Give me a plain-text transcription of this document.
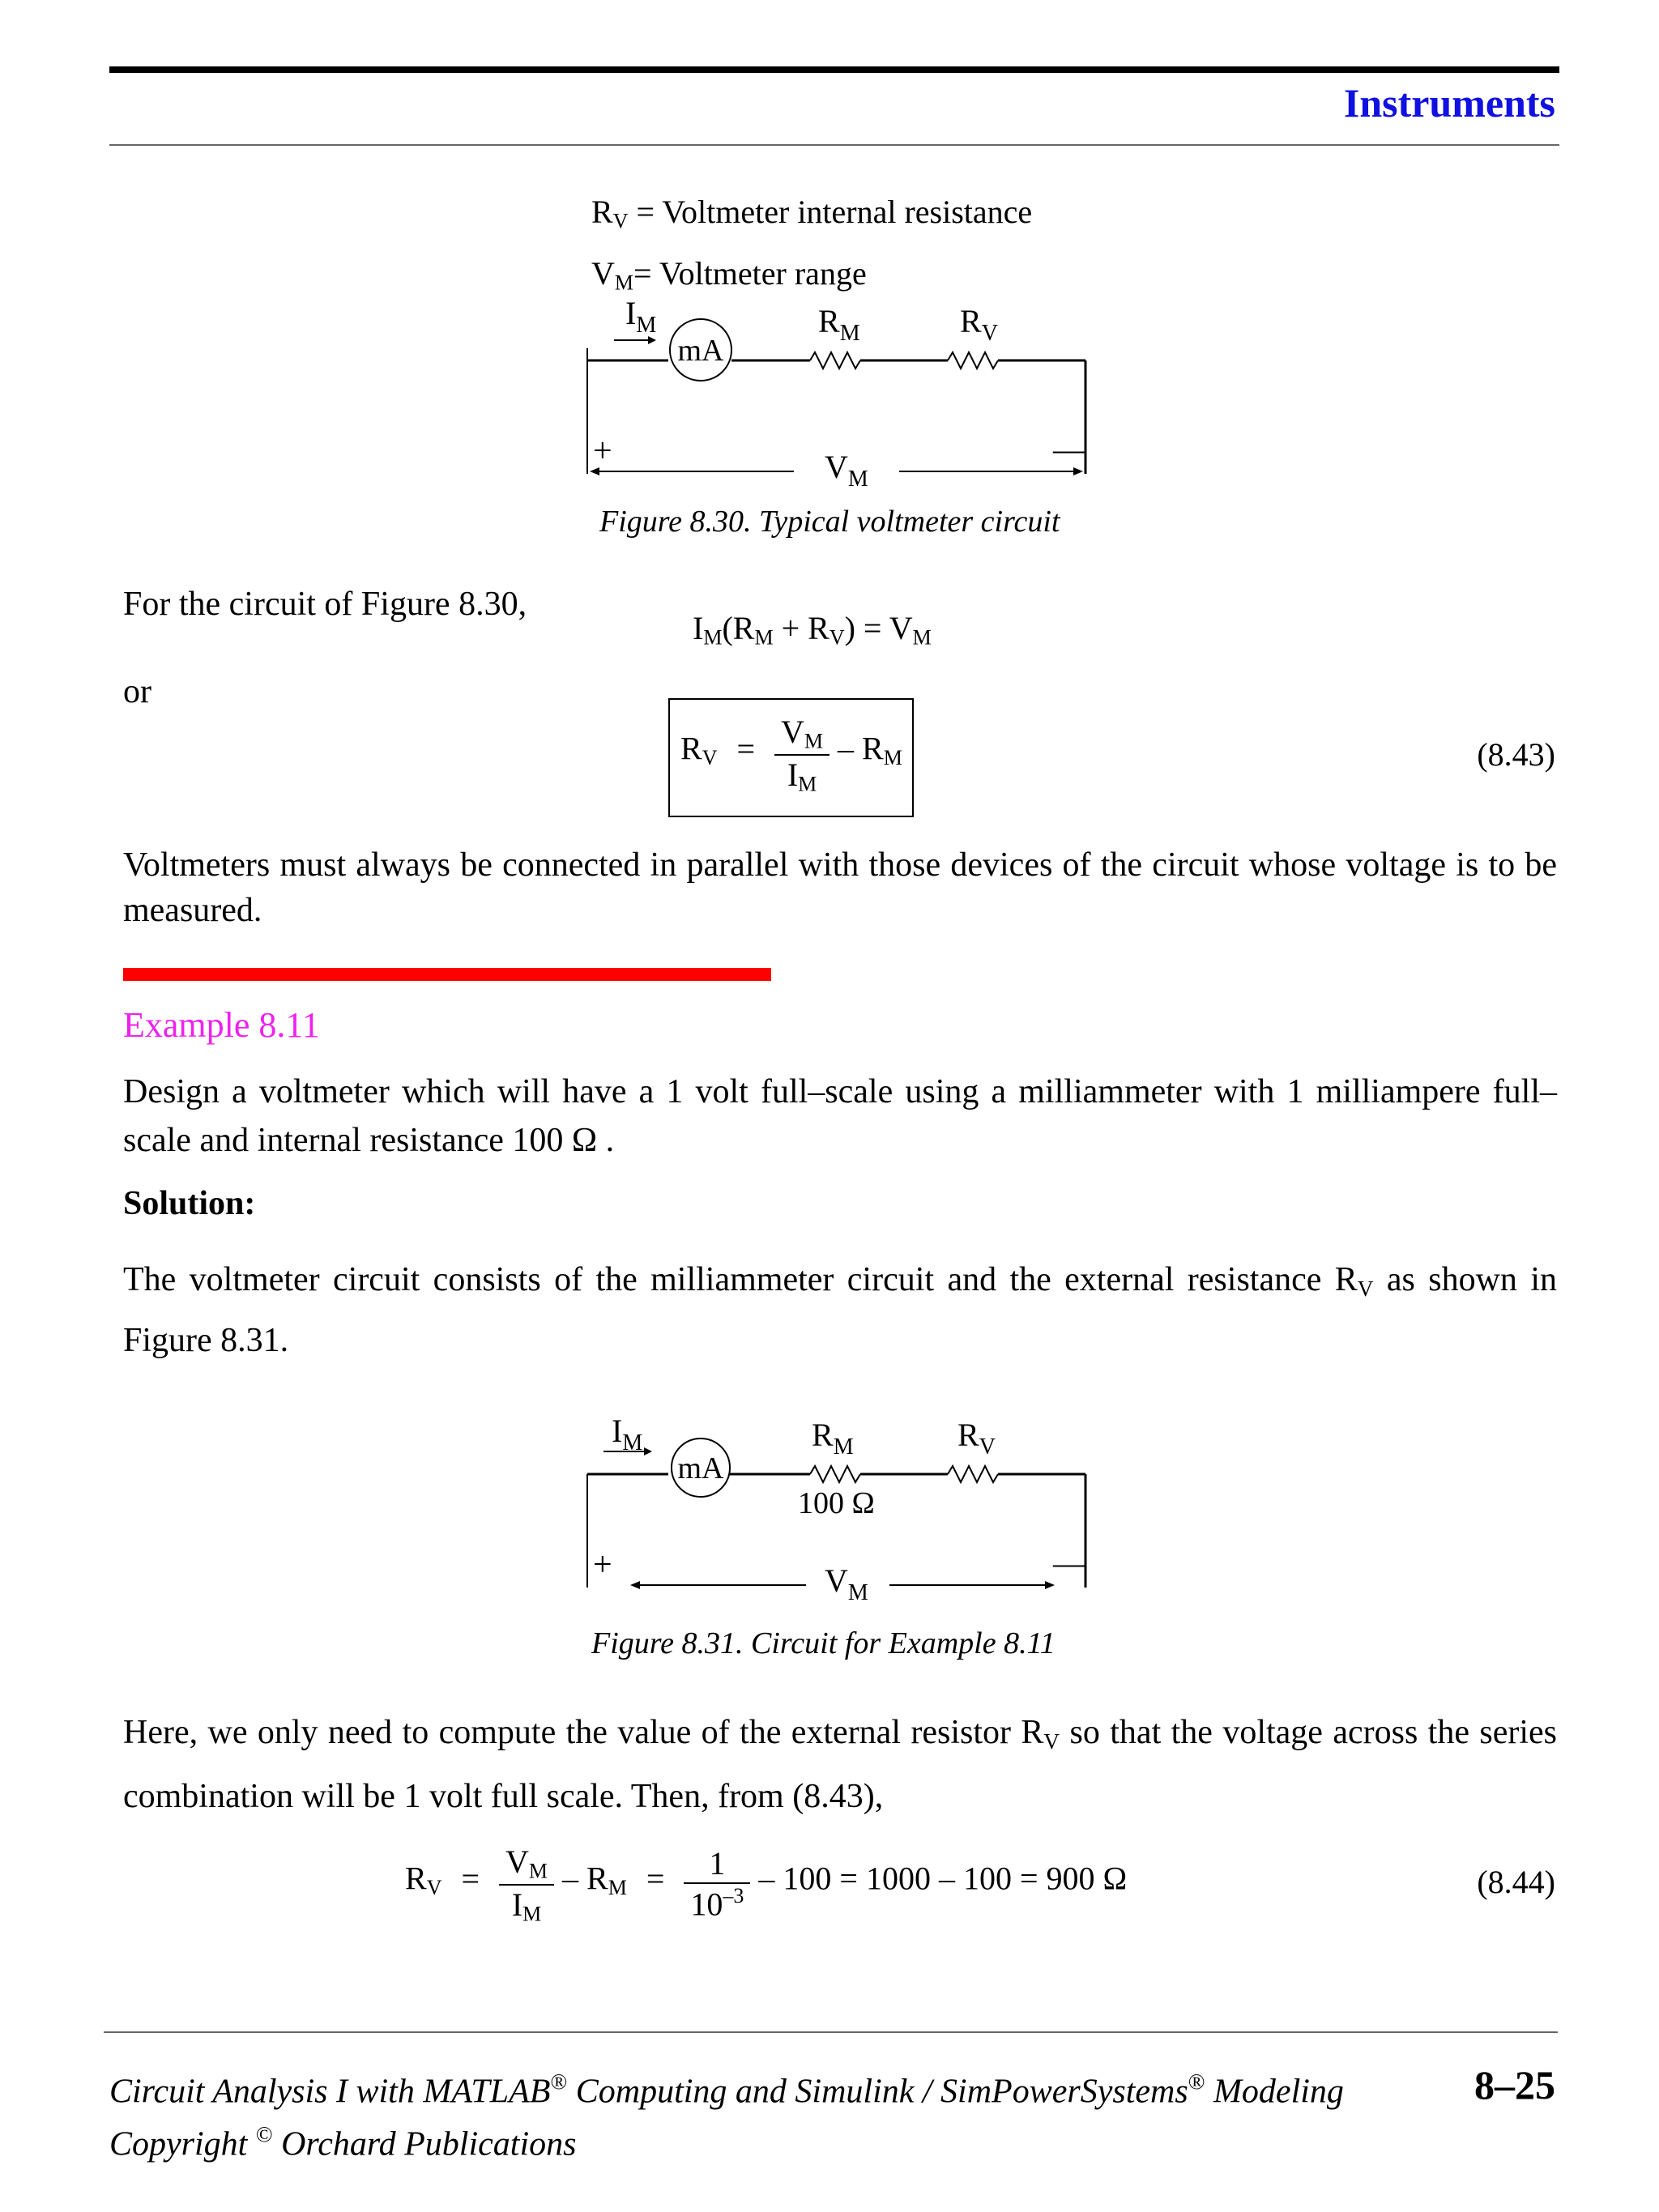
Instruments
$R_V$ = Voltmeter internal resistance
$V_M=$ Voltmeter range
mA
$I_M$	$R_M$	$R_V$
+	—
$V_M$
Figure 8.30. Typical voltmeter circuit
For the circuit of Figure 8.30,
$I_M(R_M + R_V) = V_M$
or
$R_V = \frac{V_M}{I_M} - R_M$	(8.43)
Voltmeters must always be connected in parallel with those devices of the circuit whose voltage is to be measured.
Example 8.11
Design a voltmeter which will have a 1 volt full–scale using a milliammeter with 1 milliampere full–scale and internal resistance 100 Ω .
Solution:
The voltmeter circuit consists of the milliammeter circuit and the external resistance $R_V$ as shown in Figure 8.31.
mA
$I_M$	$R_M$
100 Ω
$R_V$
+	—
$V_M$
Figure 8.31. Circuit for Example 8.11
Here, we only need to compute the value of the external resistor $R_V$ so that the voltage across the series combination will be 1 volt full scale. Then, from (8.43),
$R_V = \frac{V_M}{I_M} - R_M = \frac{1}{10^{-3}} - 100 = 1000 - 100 = 900$ Ω	(8.44)
Circuit Analysis I with MATLAB® Computing and Simulink / SimPowerSystems® Modeling
Copyright © Orchard Publications
8–25
